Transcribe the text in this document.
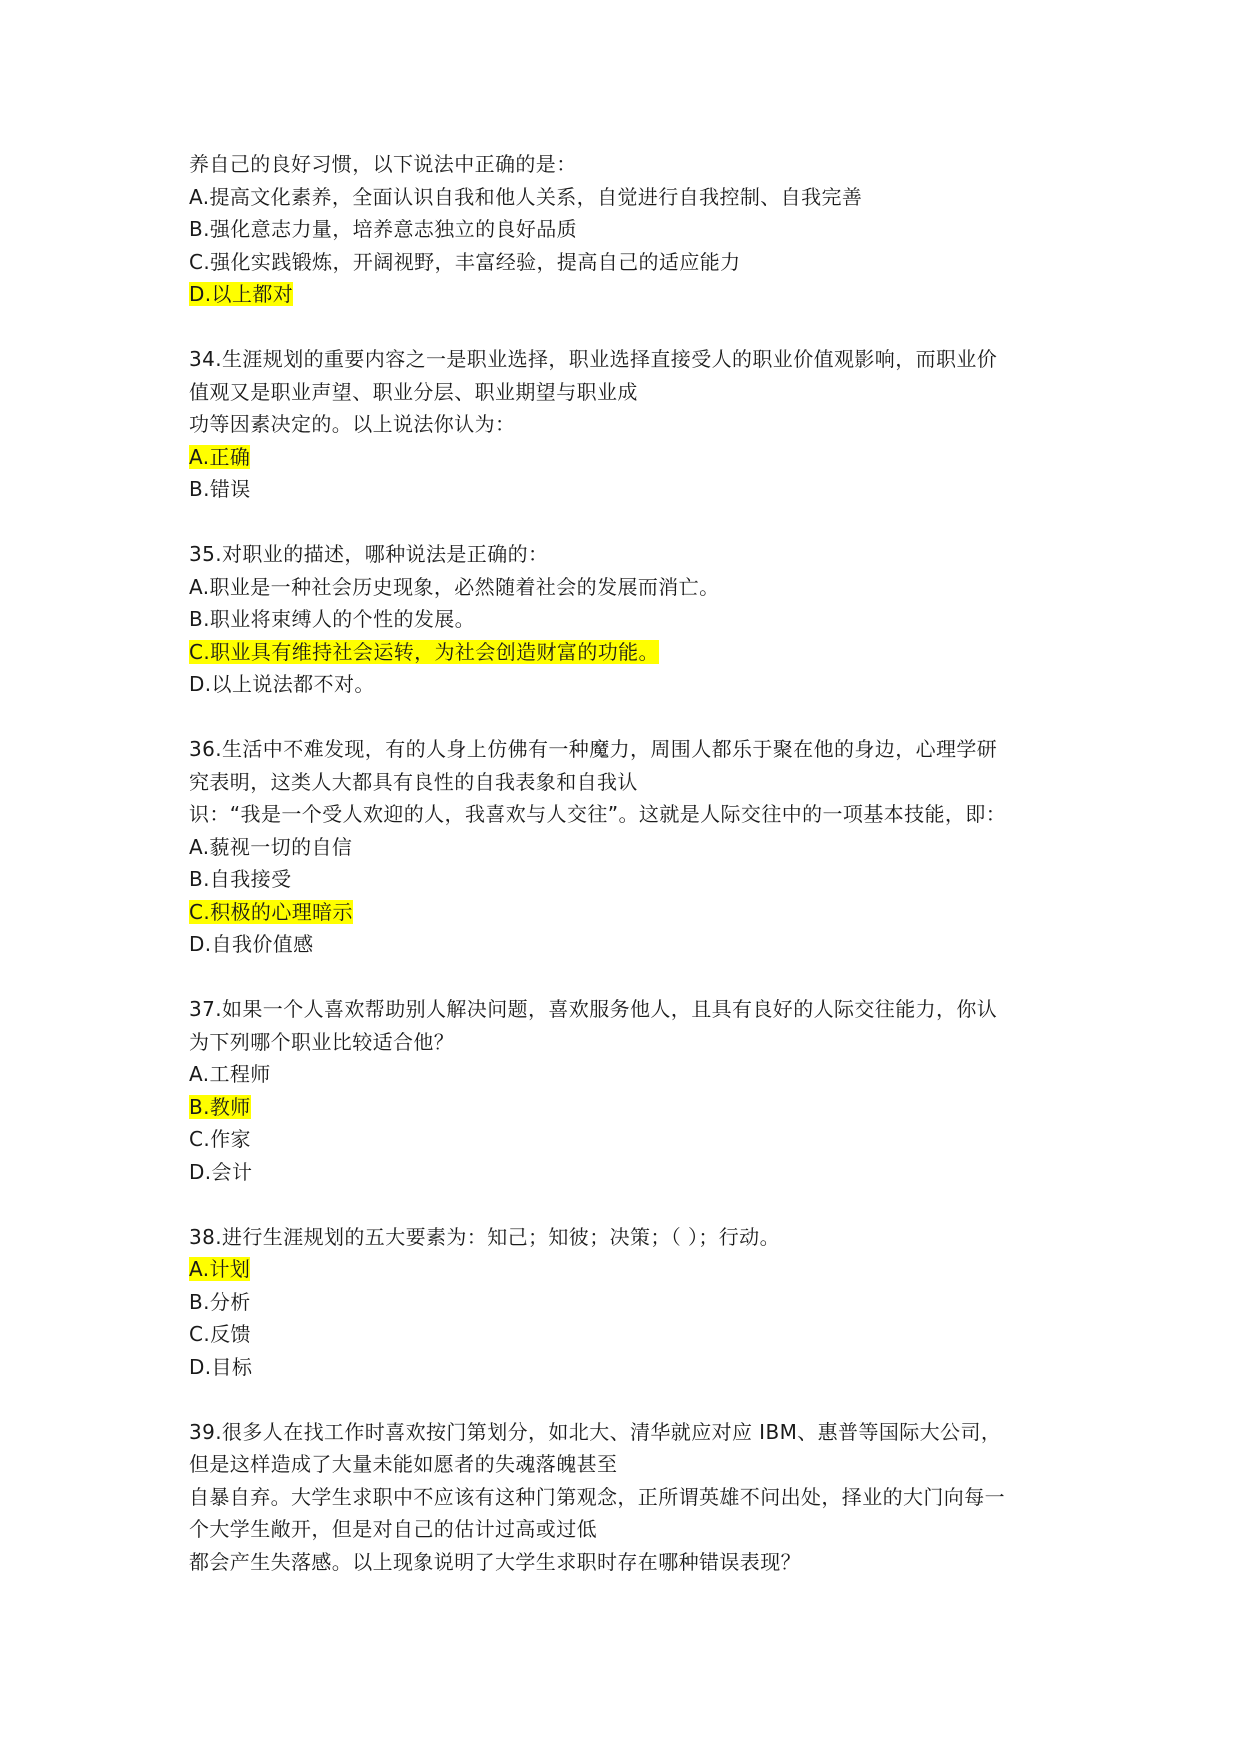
养自己的良好习惯，以下说法中正确的是：
A.提高文化素养，全面认识自我和他人关系，自觉进行自我控制、自我完善
B.强化意志力量，培养意志独立的良好品质
C.强化实践锻炼，开阔视野，丰富经验，提高自己的适应能力
D.以上都对
34.生涯规划的重要内容之一是职业选择，职业选择直接受人的职业价值观影响，而职业价
值观又是职业声望、职业分层、职业期望与职业成
功等因素决定的。以上说法你认为：
A.正确
B.错误
35.对职业的描述，哪种说法是正确的：
A.职业是一种社会历史现象，必然随着社会的发展而消亡。
B.职业将束缚人的个性的发展。
C.职业具有维持社会运转，为社会创造财富的功能。
D.以上说法都不对。
36.生活中不难发现，有的人身上仿佛有一种魔力，周围人都乐于聚在他的身边，心理学研
究表明，这类人大都具有良性的自我表象和自我认
识：“我是一个受人欢迎的人，我喜欢与人交往”。这就是人际交往中的一项基本技能，即：
A.藐视一切的自信
B.自我接受
C.积极的心理暗示
D.自我价值感
37.如果一个人喜欢帮助别人解决问题，喜欢服务他人，且具有良好的人际交往能力，你认
为下列哪个职业比较适合他？
A.工程师
B.教师
C.作家
D.会计
38.进行生涯规划的五大要素为：知己；知彼；决策；（ ）；行动。
A.计划
B.分析
C.反馈
D.目标
39.很多人在找工作时喜欢按门第划分，如北大、清华就应对应 IBM、惠普等国际大公司，
但是这样造成了大量未能如愿者的失魂落魄甚至
自暴自弃。大学生求职中不应该有这种门第观念，正所谓英雄不问出处，择业的大门向每一
个大学生敞开，但是对自己的估计过高或过低
都会产生失落感。以上现象说明了大学生求职时存在哪种错误表现？
